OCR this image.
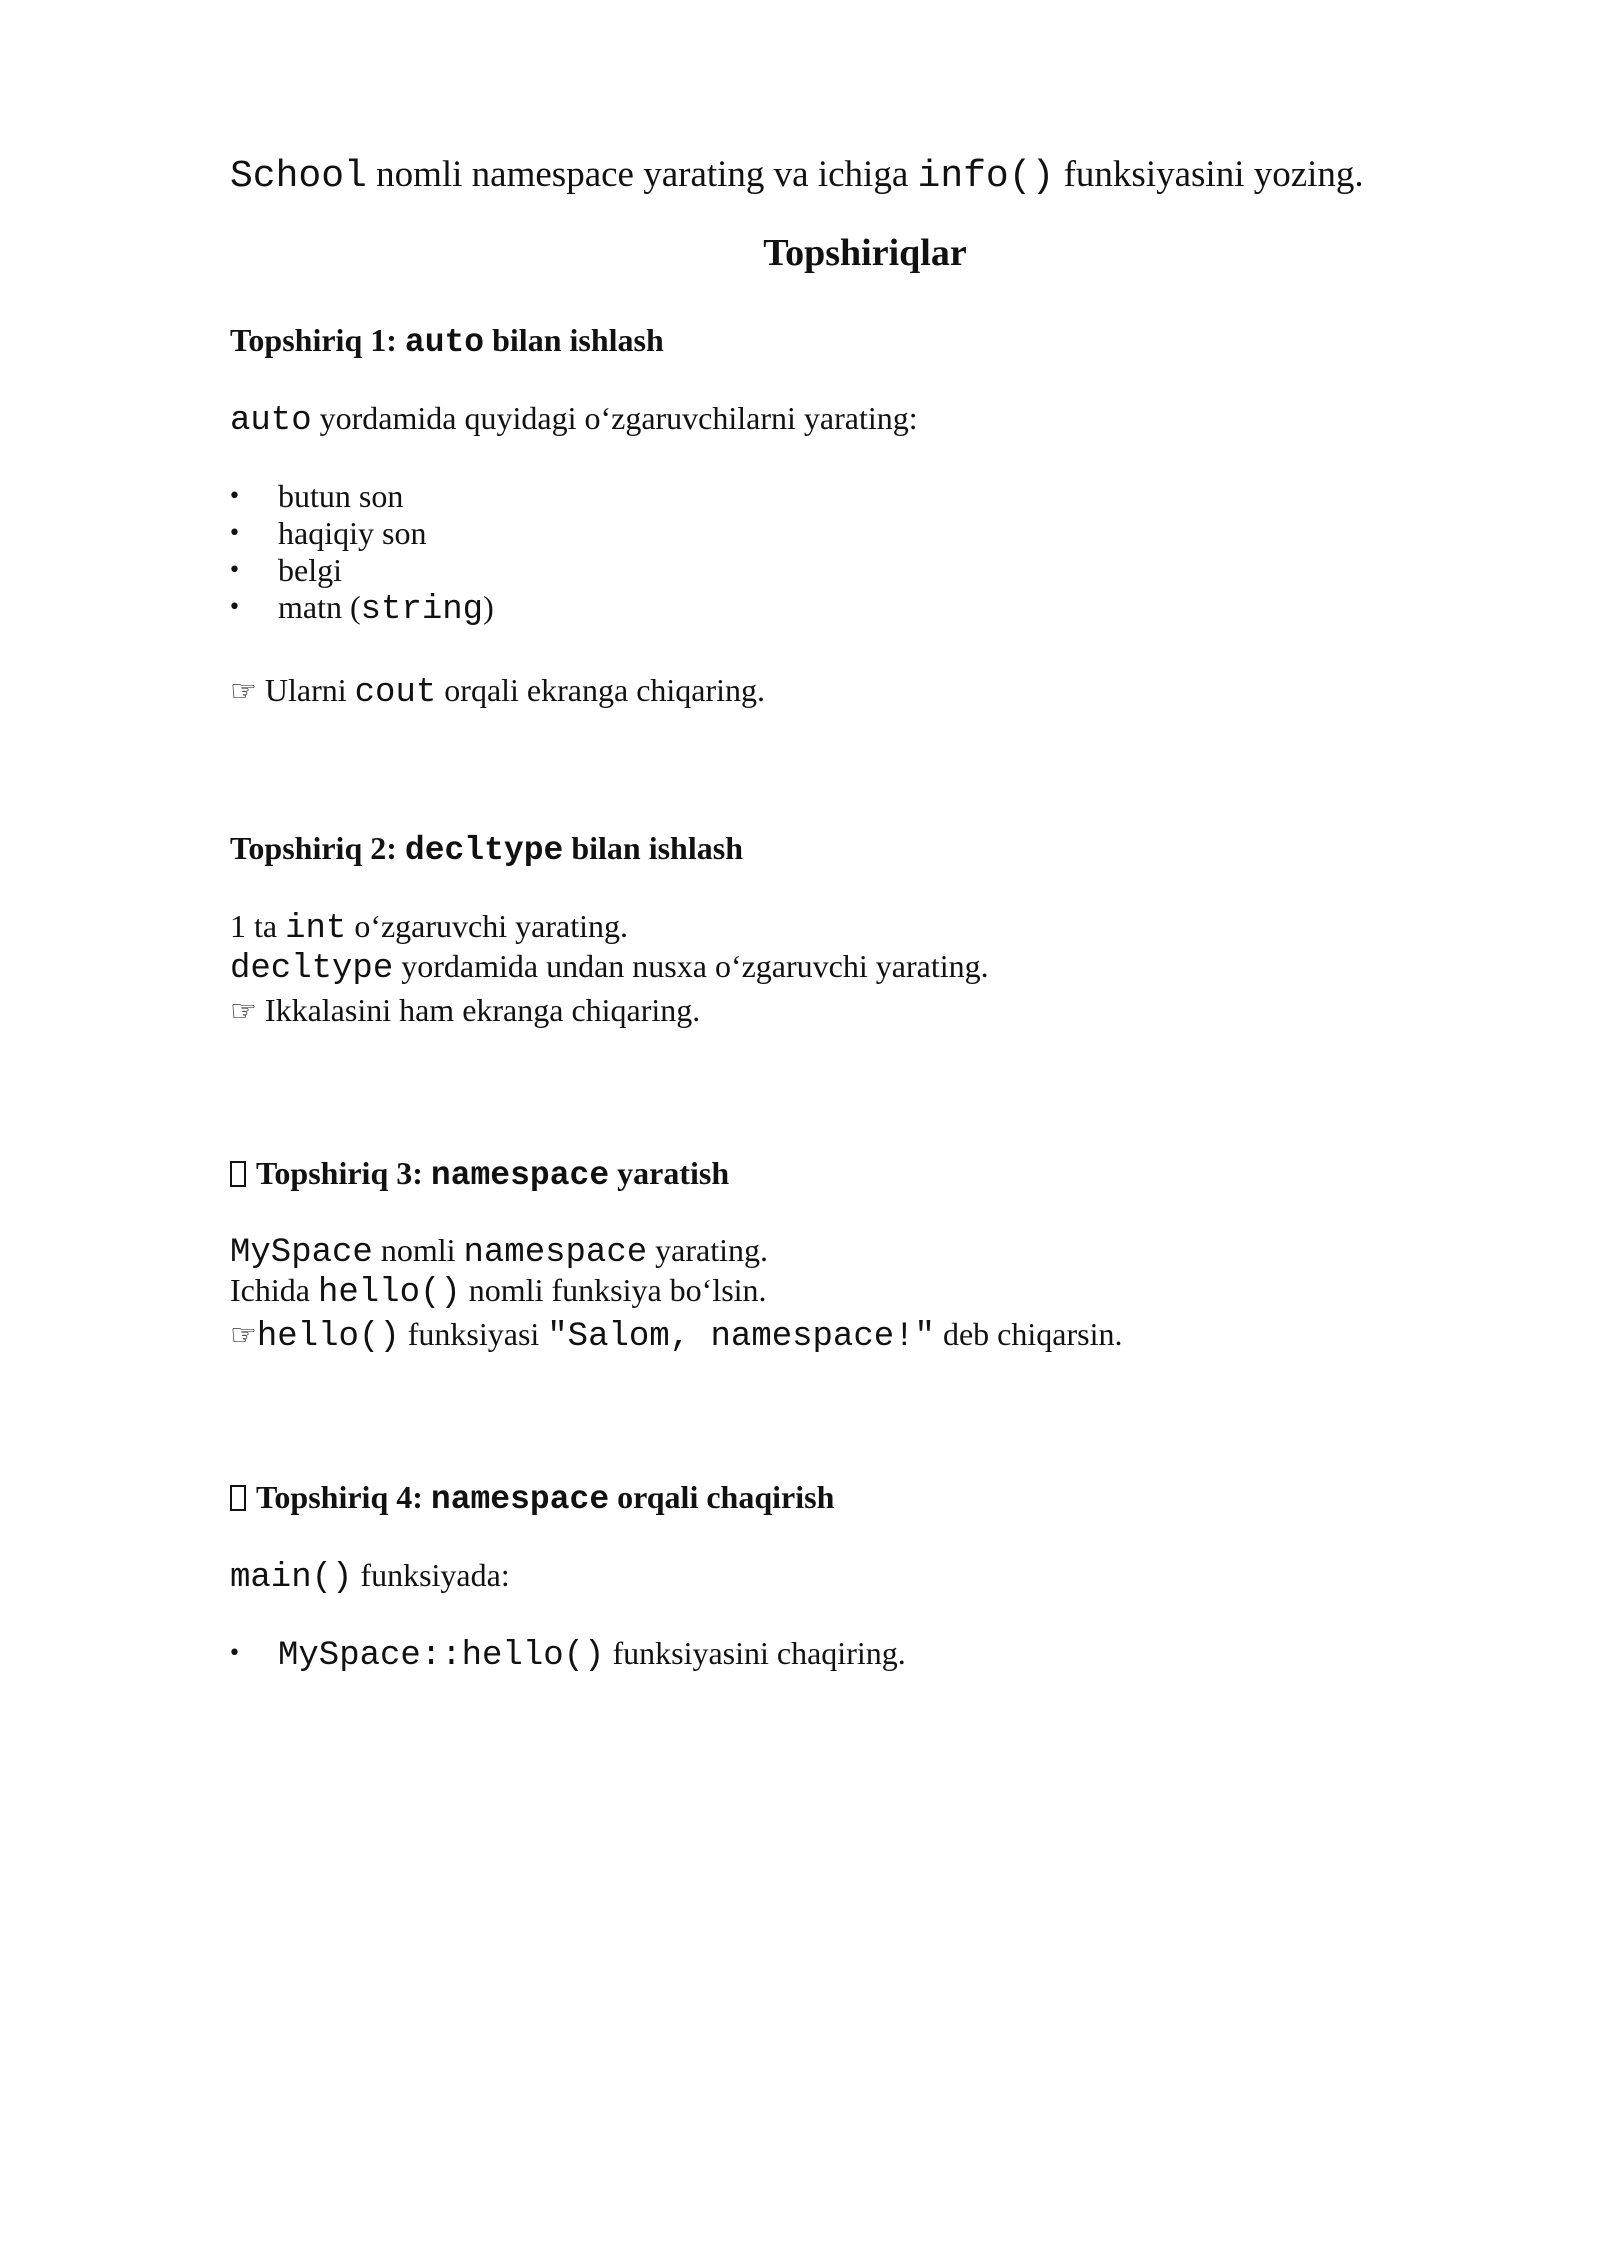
School nomli namespace yarating va ichiga info() funksiyasini yozing.
Topshiriqlar
Topshiriq 1: auto bilan ishlash
auto yordamida quyidagi o‘zgaruvchilarni yarating:
• butun son
• haqiqiy son
• belgi
• matn (string)
☞ Ularni cout orqali ekranga chiqaring.
Topshiriq 2: decltype bilan ishlash
1 ta int o‘zgaruvchi yarating.
decltype yordamida undan nusxa o‘zgaruvchi yarating.
☞ Ikkalasini ham ekranga chiqaring.
Topshiriq 3: namespace yaratish
MySpace nomli namespace yarating.
Ichida hello() nomli funksiya bo‘lsin.
☞hello() funksiyasi "Salom, namespace!" deb chiqarsin.
Topshiriq 4: namespace orqali chaqirish
main() funksiyada:
• MySpace::hello() funksiyasini chaqiring.
